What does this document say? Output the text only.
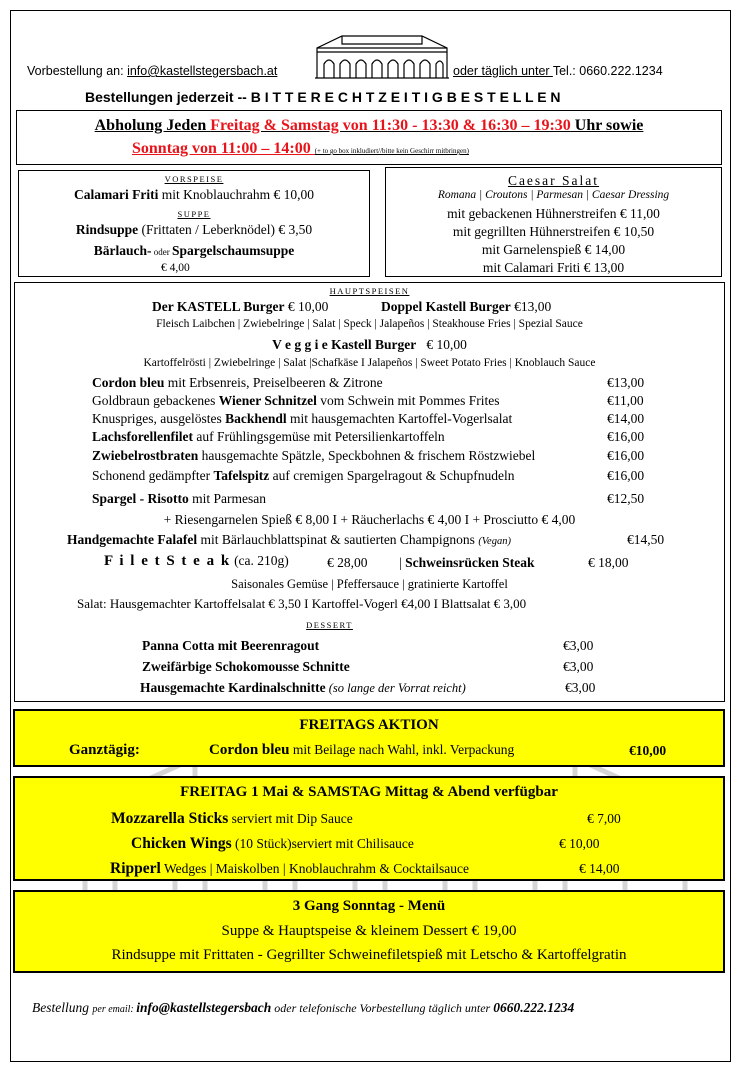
Vorbestellung an: info@kastellstegersbach.at	oder täglich unter Tel.: 0660.222.1234
Bestellungen jederzeit -- B I T T E R E C H T Z E I T I G B E S T E L L E N
Abholung Jeden Freitag & Samstag von 11:30 - 13:30 & 16:30 – 19:30 Uhr sowie
Sonntag von 11:00 – 14:00 (+ to go box inkludiert//bitte kein Geschirr mitbringen)
VORSPEISE
Calamari Friti mit Knoblauchrahm € 10,00
SUPPE
Rindsuppe (Frittaten / Leberknödel) € 3,50
Bärlauch- oder Spargelschaumsuppe
€ 4,00
Caesar Salat
Romana | Croutons | Parmesan | Caesar Dressing
mit gebackenen Hühnerstreifen € 11,00
mit gegrillten Hühnerstreifen € 10,50
mit Garnelenspieß € 14,00
mit Calamari Friti € 13,00
HAUPTSPEISEN
Der KASTELL Burger € 10,00	Doppel Kastell Burger €13,00
Fleisch Laibchen | Zwiebelringe | Salat | Speck | Jalapeños | Steakhouse Fries | Spezial Sauce
V e g g i e Kastell Burger € 10,00
Kartoffelrösti | Zwiebelringe | Salat |Schafkäse I Jalapeños | Sweet Potato Fries | Knoblauch Sauce
Cordon bleu mit Erbsenreis, Preiselbeeren & Zitrone	€13,00
Goldbraun gebackenes Wiener Schnitzel vom Schwein mit Pommes Frites	€11,00
Knuspriges, ausgelöstes Backhendl mit hausgemachten Kartoffel-Vogerlsalat	€14,00
Lachsforellenfilet auf Frühlingsgemüse mit Petersilienkartoffeln	€16,00
Zwiebelrostbraten hausgemachte Spätzle, Speckbohnen & frischem Röstzwiebel	€16,00
Schonend gedämpfter Tafelspitz auf cremigen Spargelragout & Schupfnudeln	€16,00
Spargel - Risotto mit Parmesan	€12,50
+ Riesengarnelen Spieß € 8,00 I + Räucherlachs € 4,00 I + Prosciutto € 4,00
Handgemachte Falafel mit Bärlauchblattspinat & sautierten Champignons (Vegan)	€14,50
F i l e t S t e a k (ca. 210g)	€ 28,00 | Schweinsrücken Steak	€ 18,00
Saisonales Gemüse | Pfeffersauce | gratinierte Kartoffel
Salat: Hausgemachter Kartoffelsalat € 3,50 I Kartoffel-Vogerl €4,00 I Blattsalat € 3,00
DESSERT
Panna Cotta mit Beerenragout	€3,00
Zweifärbige Schokomousse Schnitte	€3,00
Hausgemachte Kardinalschnitte (so lange der Vorrat reicht)	€3,00
FREITAGS AKTION
Ganztägig:	Cordon bleu mit Beilage nach Wahl, inkl. Verpackung	€10,00
FREITAG 1 Mai & SAMSTAG Mittag & Abend verfügbar
Mozzarella Sticks serviert mit Dip Sauce	€ 7,00
Chicken Wings (10 Stück)serviert mit Chilisauce	€ 10,00
Ripperl Wedges | Maiskolben | Knoblauchrahm & Cocktailsauce	€ 14,00
3 Gang Sonntag - Menü
Suppe & Hauptspeise & kleinem Dessert € 19,00
Rindsuppe mit Frittaten - Gegrillter Schweinefiletspieß mit Letscho & Kartoffelgratin
Bestellung per email: info@kastellstegersbach oder telefonische Vorbestellung täglich unter 0660.222.1234
